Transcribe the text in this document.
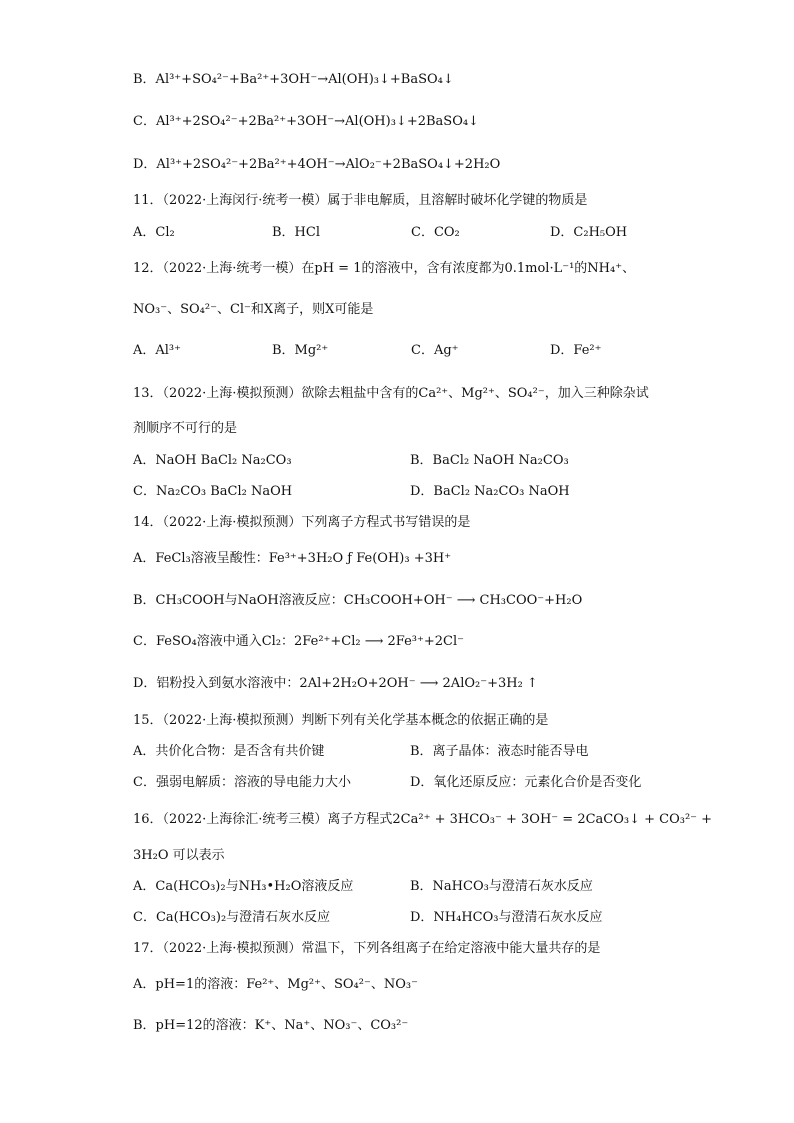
B．Al³⁺+SO₄²⁻+Ba²⁺+3OH⁻→Al(OH)₃↓+BaSO₄↓
C．Al³⁺+2SO₄²⁻+2Ba²⁺+3OH⁻→Al(OH)₃↓+2BaSO₄↓
D．Al³⁺+2SO₄²⁻+2Ba²⁺+4OH⁻→AlO₂⁻+2BaSO₄↓+2H₂O
11．（2022·上海闵行·统考一模）属于非电解质，且溶解时破坏化学键的物质是
A．Cl₂	B．HCl	C．CO₂	D．C₂H₅OH
12．（2022·上海·统考一模）在pH = 1的溶液中，含有浓度都为0.1mol·L⁻¹的NH₄⁺、
NO₃⁻、SO₄²⁻、Cl⁻和X离子，则X可能是
A．Al³⁺	B．Mg²⁺	C．Ag⁺	D．Fe²⁺
13．（2022·上海·模拟预测）欲除去粗盐中含有的Ca²⁺、Mg²⁺、SO₄²⁻，加入三种除杂试
剂顺序不可行的是
A．NaOH BaCl₂ Na₂CO₃	B．BaCl₂ NaOH Na₂CO₃
C．Na₂CO₃ BaCl₂ NaOH	D．BaCl₂ Na₂CO₃ NaOH
14．（2022·上海·模拟预测）下列离子方程式书写错误的是
A．FeCl₃溶液呈酸性：Fe³⁺+3H₂O ƒ Fe(OH)₃ +3H⁺
B．CH₃COOH与NaOH溶液反应：CH₃COOH+OH⁻ ⟶ CH₃COO⁻+H₂O
C．FeSO₄溶液中通入Cl₂：2Fe²⁺+Cl₂ ⟶ 2Fe³⁺+2Cl⁻
D．铝粉投入到氨水溶液中：2Al+2H₂O+2OH⁻ ⟶ 2AlO₂⁻+3H₂ ↑
15．（2022·上海·模拟预测）判断下列有关化学基本概念的依据正确的是
A．共价化合物：是否含有共价键	B．离子晶体：液态时能否导电
C．强弱电解质：溶液的导电能力大小	D．氧化还原反应：元素化合价是否变化
16．（2022·上海徐汇·统考三模）离子方程式2Ca²⁺ + 3HCO₃⁻ + 3OH⁻ = 2CaCO₃↓ + CO₃²⁻ +
3H₂O 可以表示
A．Ca(HCO₃)₂与NH₃•H₂O溶液反应	B．NaHCO₃与澄清石灰水反应
C．Ca(HCO₃)₂与澄清石灰水反应	D．NH₄HCO₃与澄清石灰水反应
17．（2022·上海·模拟预测）常温下，下列各组离子在给定溶液中能大量共存的是
A．pH=1的溶液：Fe²⁺、Mg²⁺、SO₄²⁻、NO₃⁻
B．pH=12的溶液：K⁺、Na⁺、NO₃⁻、CO₃²⁻
